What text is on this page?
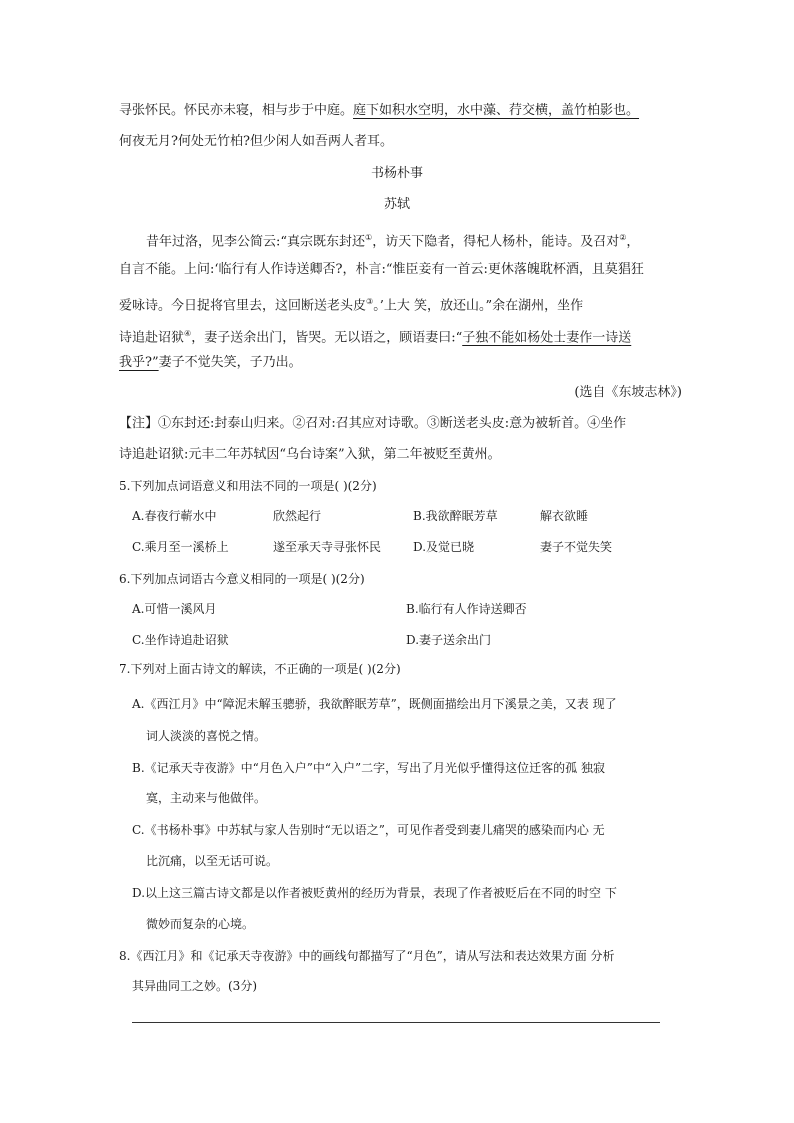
寻张怀民。怀民亦未寝，相与步于中庭。庭下如积水空明，水中藻、荇交横，盖竹柏影也。
何夜无月?何处无竹柏?但少闲人如吾两人者耳。
书杨朴事
苏轼
昔年过洛，见李公简云:“真宗既东封还①，访天下隐者，得杞人杨朴，能诗。及召对②，
自言不能。上问:‘临行有人作诗送卿否?，朴言:“惟臣妾有一首云:更休落魄耽杯酒，且莫猖狂
爱咏诗。今日捉将官里去，这回断送老头皮③。’上大 笑，放还山。”余在湖州，坐作
诗追赴诏狱④，妻子送余出门，皆哭。无以语之，顾语妻曰:“子独不能如杨处士妻作一诗送
我乎?”妻子不觉失笑，子乃出。
(选自《东坡志林》)
【注】①东封还:封泰山归来。②召对:召其应对诗歌。③断送老头皮:意为被斩首。④坐作
诗追赴诏狱:元丰二年苏轼因“乌台诗案”入狱，第二年被贬至黄州。
5.下列加点词语意义和用法不同的一项是( )(2分)
A.春夜行蕲水中	欣然起行	B.我欲醉眠芳草	解衣欲睡
C.乘月至一溪桥上	遂至承天寺寻张怀民	D.及觉已晓	妻子不觉失笑
6.下列加点词语古今意义相同的一项是( )(2分)
A.可惜一溪风月	B.临行有人作诗送卿否
C.坐作诗追赴诏狱	D.妻子送余出门
7.下列对上面古诗文的解读，不正确的一项是( )(2分)
A.《西江月》中“障泥未解玉骢骄，我欲醉眠芳草”，既侧面描绘出月下溪景之美，又表 现了
词人淡淡的喜悦之情。
B.《记承天寺夜游》中“月色入户”中“入户”二字，写出了月光似乎懂得这位迁客的孤 独寂
寞，主动来与他做伴。
C.《书杨朴事》中苏轼与家人告别时“无以语之”，可见作者受到妻儿痛哭的感染而内心 无
比沉痛，以至无话可说。
D.以上这三篇古诗文都是以作者被贬黄州的经历为背景，表现了作者被贬后在不同的时空 下
微妙而复杂的心境。
8.《西江月》和《记承天寺夜游》中的画线句都描写了“月色”，请从写法和表达效果方面 分析
其异曲同工之妙。(3分)
